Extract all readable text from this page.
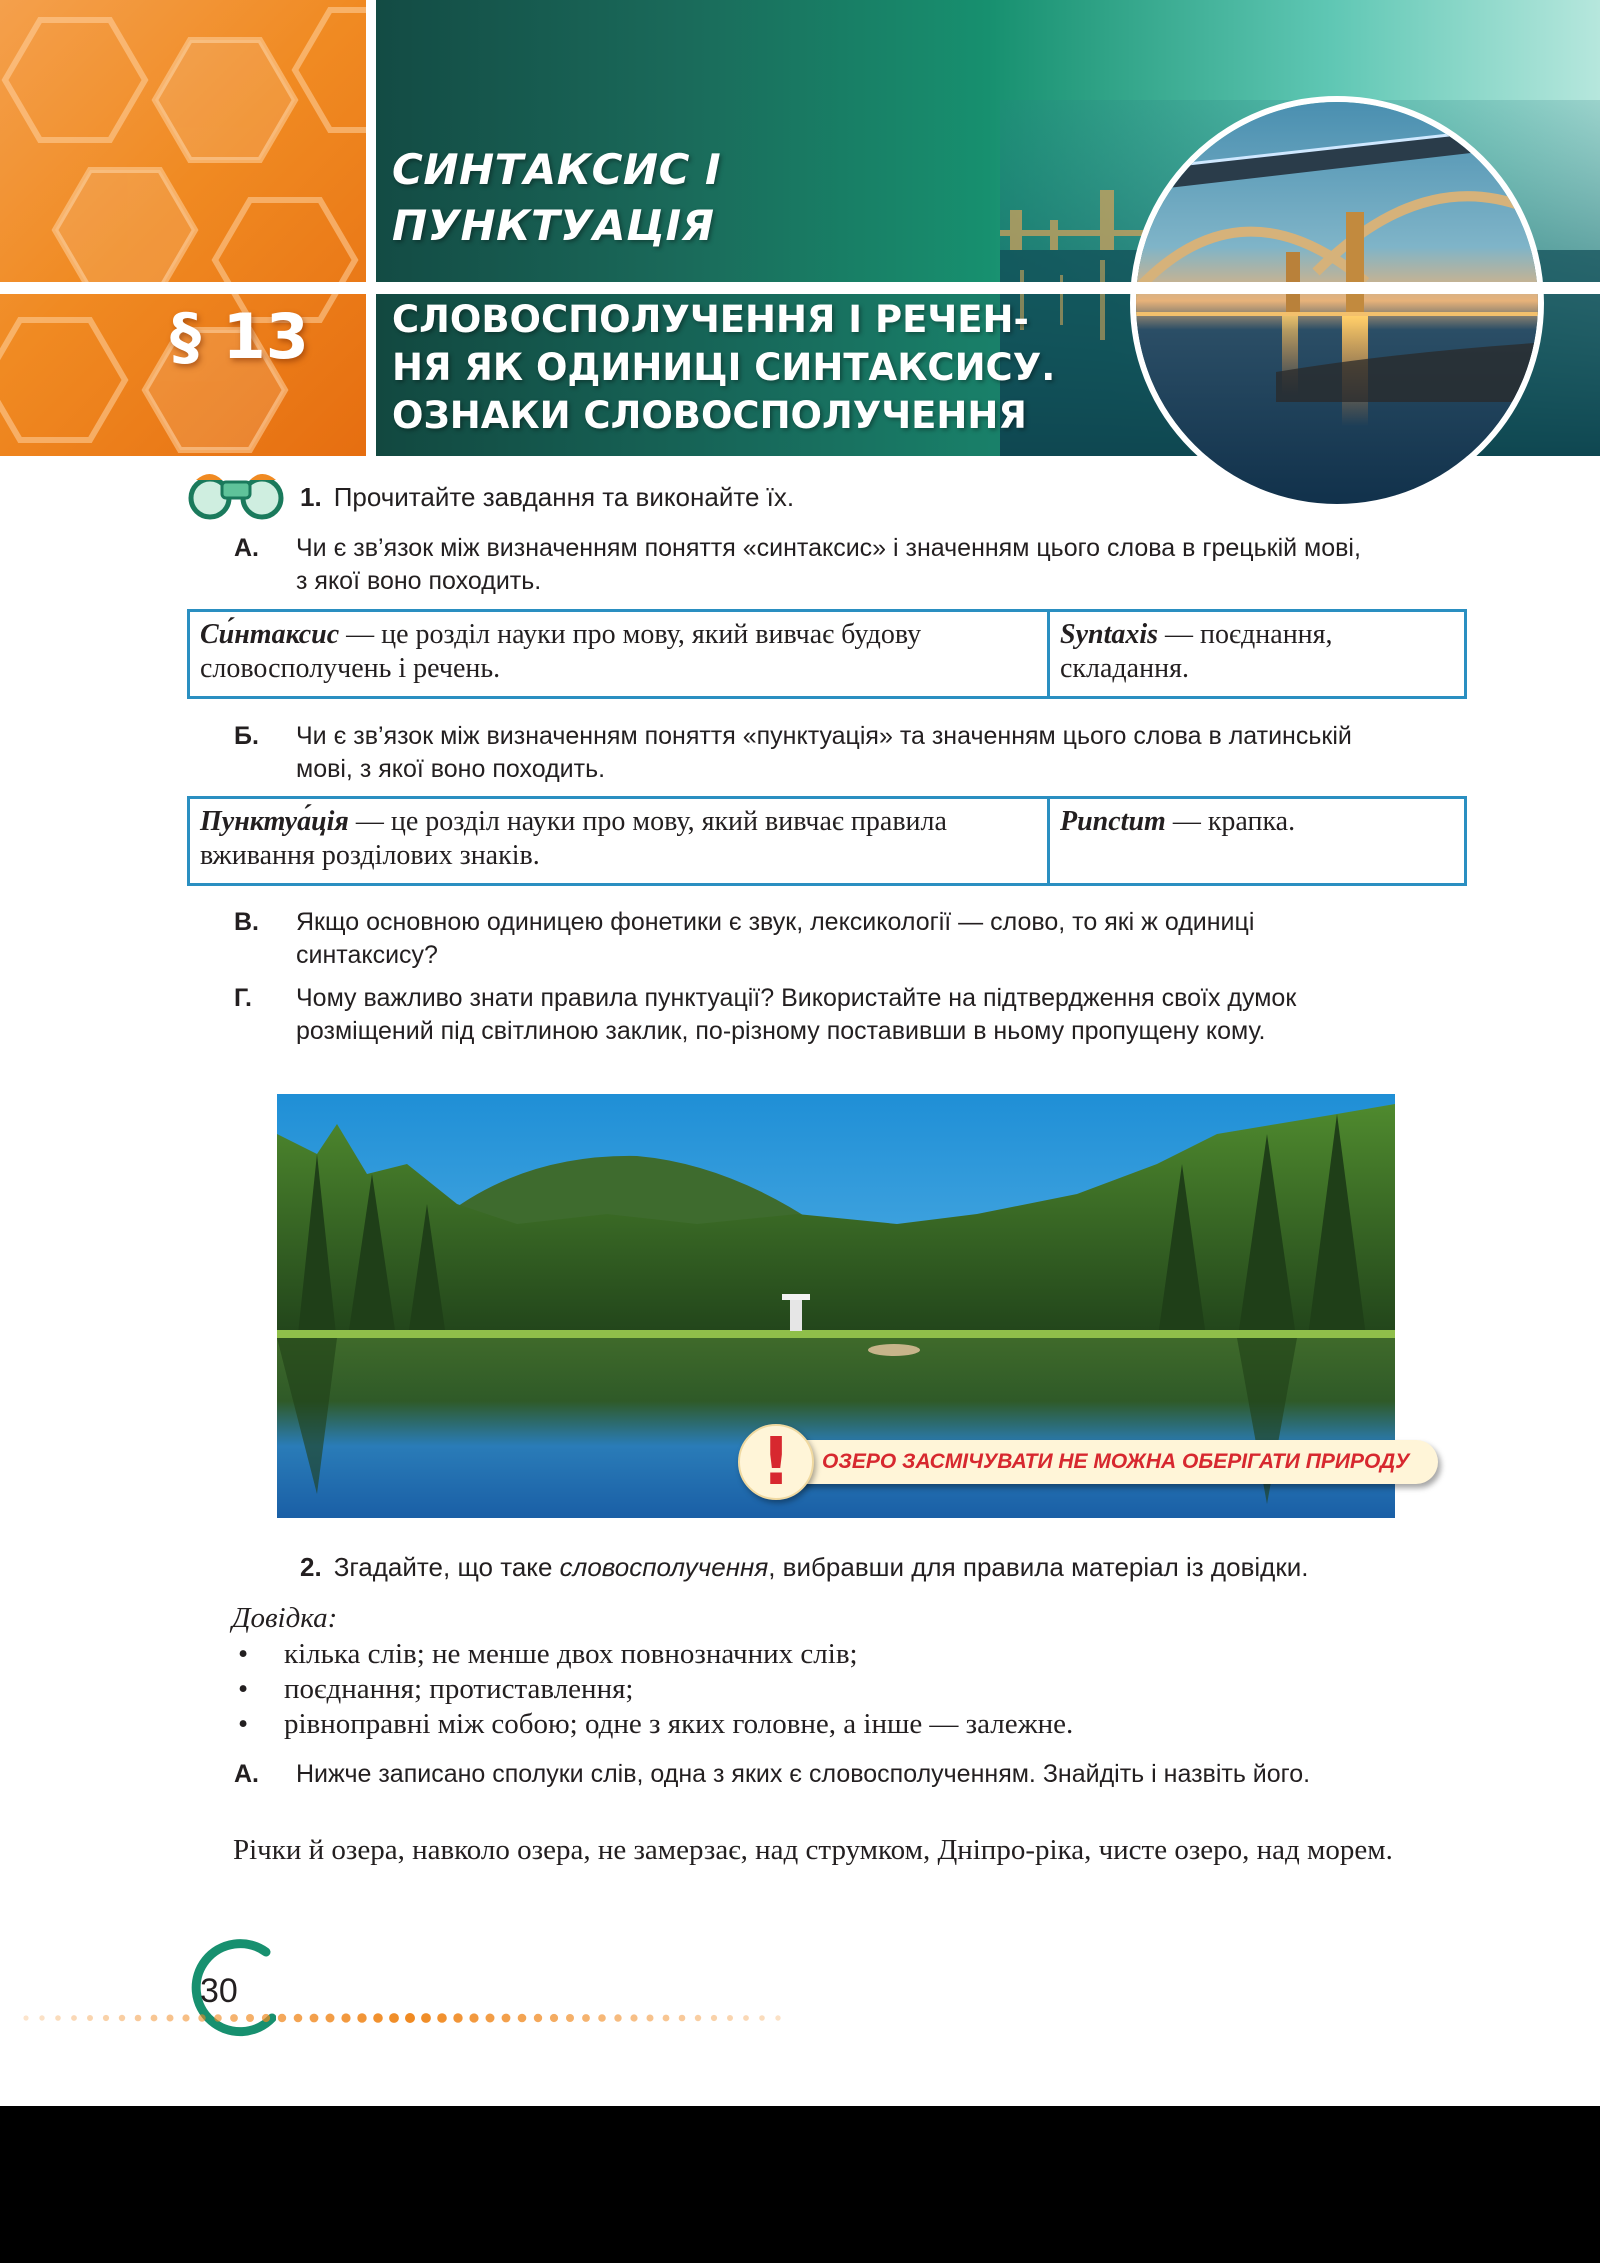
СИНТАКСИС І
ПУНКТУАЦІЯ
§ 13 СЛОВОСПОЛУЧЕННЯ І РЕЧЕН-
НЯ ЯК ОДИНИЦІ СИНТАКСИСУ.
ОЗНАКИ СЛОВОСПОЛУЧЕННЯ
1. Прочитайте завдання та виконайте їх.
А. Чи є зв’язок між визначенням поняття «синтаксис» і значенням цього слова в грецькій мові, з якої воно походить.
Си́нтаксис — це розділ науки про мову, який вивчає будову словосполучень і речень.
Syntaxis — поєднання, складання.
Б. Чи є зв’язок між визначенням поняття «пунктуація» та значенням цього слова в латинській мові, з якої воно походить.
Пунктуа́ція — це розділ науки про мову, який вивчає правила вживання розділових знаків.
Punctum — крапка.
В. Якщо основною одиницею фонетики є звук, лексикології — слово, то які ж одиниці синтаксису?
Г. Чому важливо знати правила пунктуації? Використайте на підтвердження своїх думок розміщений під світлиною заклик, по-різному поставивши в ньому пропущену кому.
ОЗЕРО ЗАСМІЧУВАТИ НЕ МОЖНА ОБЕРІГАТИ ПРИРОДУ
!
2. Згадайте, що таке словосполучення, вибравши для правила матеріал із довідки.
Довідка:
• кілька слів; не менше двох повнозначних слів;
• поєднання; протиставлення;
• рівноправні між собою; одне з яких головне, а інше — залежне.
А. Нижче записано сполуки слів, одна з яких є словосполученням. Знайдіть і назвіть його.
Річки й озера, навколо озера, не замерзає, над струмком, Дніпро-ріка, чисте озеро, над морем.
30
